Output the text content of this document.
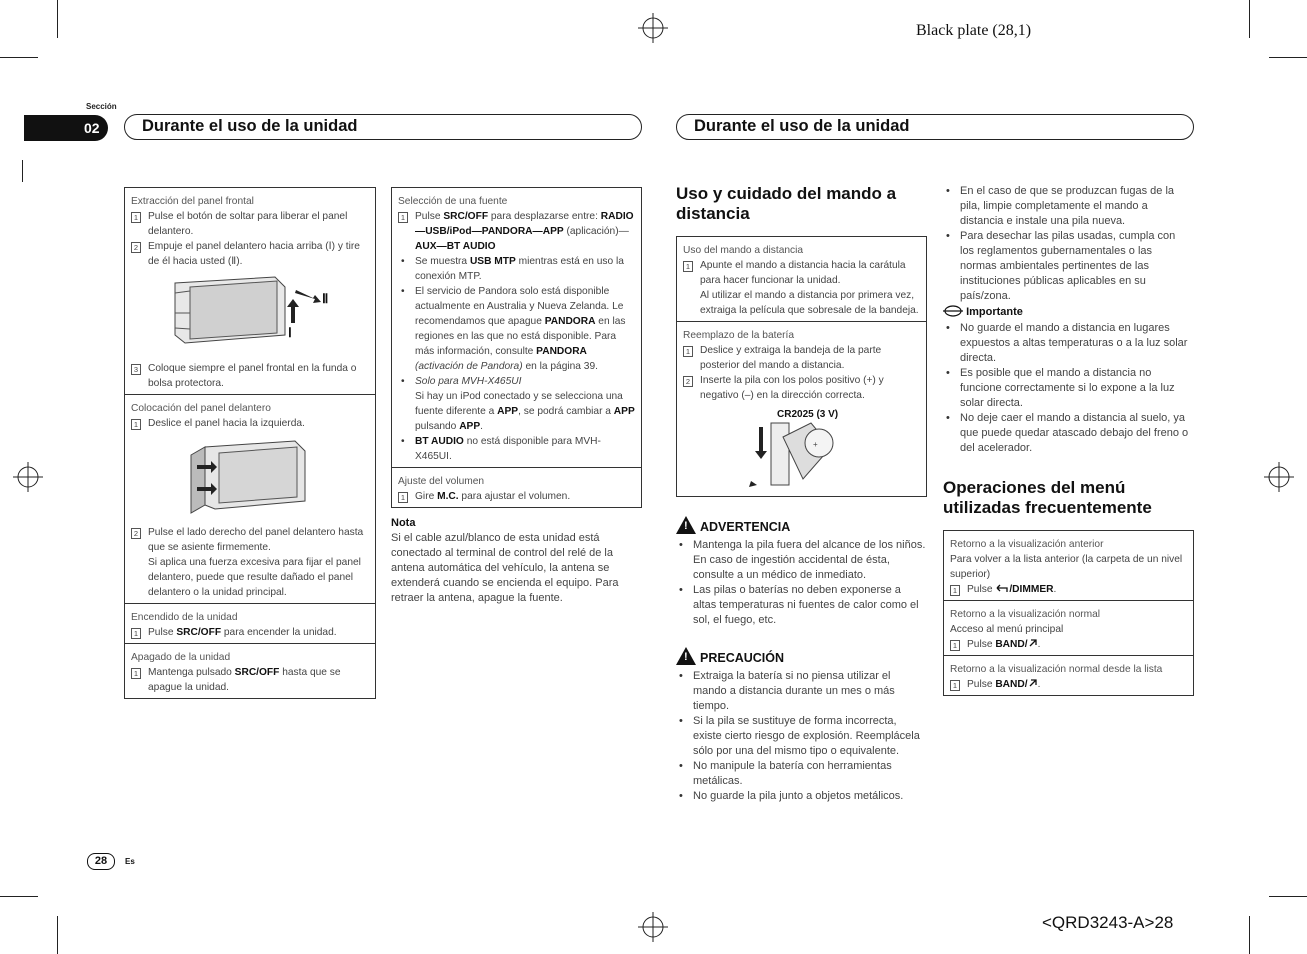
Black plate (28,1)
<QRD3243-A>28
Sección
02	Durante el uso de la unidad	Durante el uso de la unidad
Extracción del panel frontal
1 Pulse el botón de soltar para liberar el panel delantero.
2 Empuje el panel delantero hacia arriba (Ⅰ) y tire de él hacia usted (Ⅱ).
Ⅱ
Ⅰ
3 Coloque siempre el panel frontal en la funda o bolsa protectora.
Colocación del panel delantero
1 Deslice el panel hacia la izquierda.
2 Pulse el lado derecho del panel delantero hasta que se asiente firmemente.
Si aplica una fuerza excesiva para fijar el panel delantero, puede que resulte dañado el panel delantero o la unidad principal.
Encendido de la unidad
1 Pulse SRC/OFF para encender la unidad.
Apagado de la unidad
1 Mantenga pulsado SRC/OFF hasta que se apague la unidad.
Selección de una fuente
1 Pulse SRC/OFF para desplazarse entre: RADIO—USB/iPod—PANDORA—APP (aplicación)—AUX—BT AUDIO
• Se muestra USB MTP mientras está en uso la conexión MTP.
• El servicio de Pandora solo está disponible actualmente en Australia y Nueva Zelanda. Le recomendamos que apague PANDORA en las regiones en las que no está disponible. Para más información, consulte PANDORA (activación de Pandora) en la página 39.
• Solo para MVH-X465UI
Si hay un iPod conectado y se selecciona una fuente diferente a APP, se podrá cambiar a APP pulsando APP.
• BT AUDIO no está disponible para MVH-X465UI.
Ajuste del volumen
1 Gire M.C. para ajustar el volumen.
Nota
Si el cable azul/blanco de esta unidad está conectado al terminal de control del relé de la antena automática del vehículo, la antena se extenderá cuando se encienda el equipo. Para retraer la antena, apague la fuente.
Uso y cuidado del mando a distancia
Uso del mando a distancia
1 Apunte el mando a distancia hacia la carátula para hacer funcionar la unidad.
Al utilizar el mando a distancia por primera vez, extraiga la película que sobresale de la bandeja.
Reemplazo de la batería
1 Deslice y extraiga la bandeja de la parte posterior del mando a distancia.
2 Inserte la pila con los polos positivo (+) y negativo (–) en la dirección correcta.
CR2025 (3 V)
+
! ADVERTENCIA
• Mantenga la pila fuera del alcance de los niños. En caso de ingestión accidental de ésta, consulte a un médico de inmediato.
• Las pilas o baterías no deben exponerse a altas temperaturas ni fuentes de calor como el sol, el fuego, etc.
! PRECAUCIÓN
• Extraiga la batería si no piensa utilizar el mando a distancia durante un mes o más tiempo.
• Si la pila se sustituye de forma incorrecta, existe cierto riesgo de explosión. Reemplácela sólo por una del mismo tipo o equivalente.
• No manipule la batería con herramientas metálicas.
• No guarde la pila junto a objetos metálicos.
• En el caso de que se produzcan fugas de la pila, limpie completamente el mando a distancia e instale una pila nueva.
• Para desechar las pilas usadas, cumpla con los reglamentos gubernamentales o las normas ambientales pertinentes de las instituciones públicas aplicables en su país/zona.
Importante
• No guarde el mando a distancia en lugares expuestos a altas temperaturas o a la luz solar directa.
• Es posible que el mando a distancia no funcione correctamente si lo expone a la luz solar directa.
• No deje caer el mando a distancia al suelo, ya que puede quedar atascado debajo del freno o del acelerador.
Operaciones del menú utilizadas frecuentemente
Retorno a la visualización anterior
Para volver a la lista anterior (la carpeta de un nivel superior)
1 Pulse /DIMMER.
Retorno a la visualización normal
Acceso al menú principal
1 Pulse BAND/ .
Retorno a la visualización normal desde la lista
1 Pulse BAND/ .
28	Es
